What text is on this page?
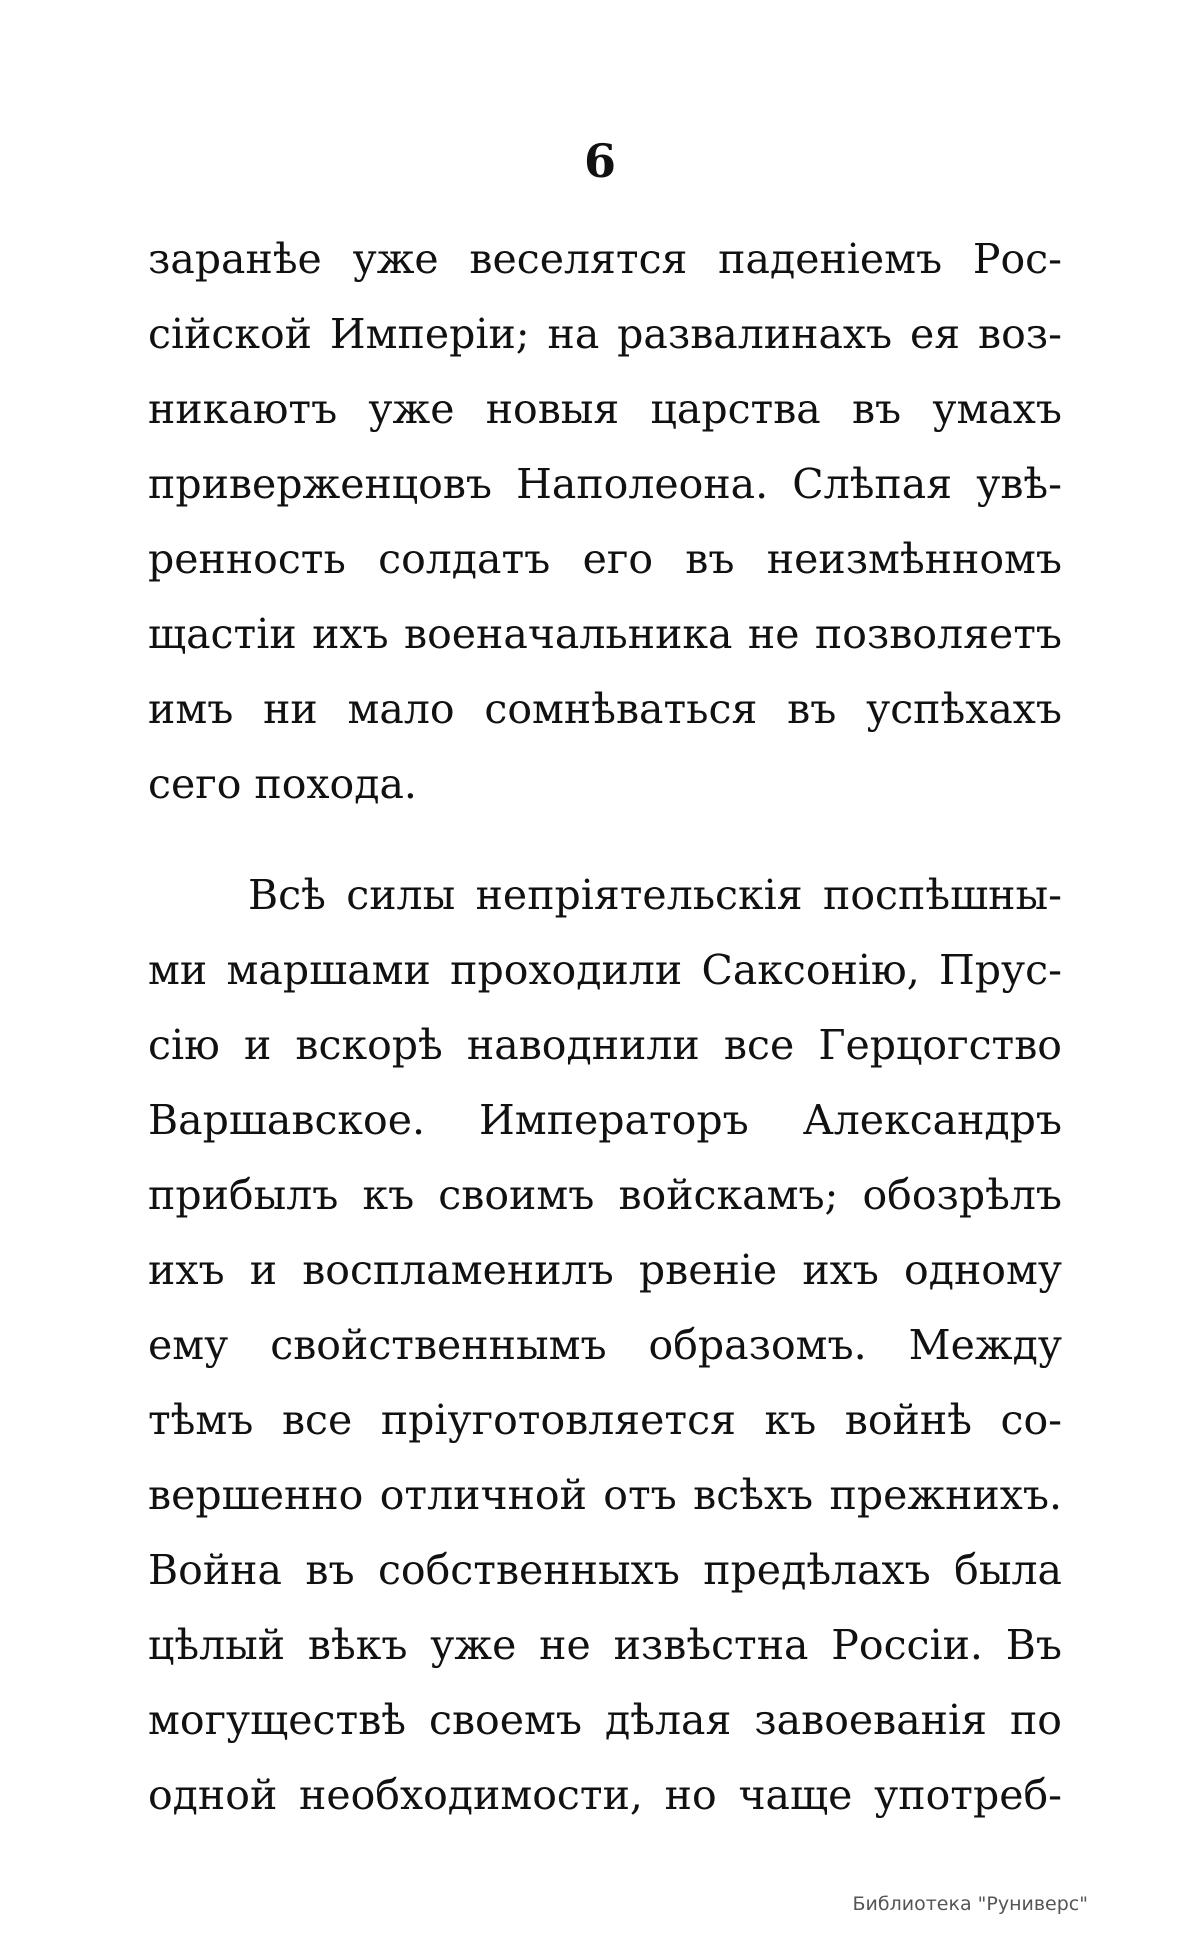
6
заранѣе уже веселятся паденіемъ Рос-
сійской Имперіи; на развалинахъ ея воз-
никаютъ уже новыя царства въ умахъ
приверженцовъ Наполеона. Слѣпая увѣ-
ренность солдатъ его въ неизмѣнномъ
щастіи ихъ военачальника не позволяетъ
имъ ни мало сомнѣваться въ успѣхахъ
сего похода.
Всѣ силы непріятельскія поспѣшны-
ми маршами проходили Саксонію, Прус-
сію и вскорѣ наводнили все Герцогство
Варшавское. Императоръ Александръ
прибылъ къ своимъ войскамъ; обозрѣлъ
ихъ и воспламенилъ рвеніе ихъ одному
ему свойственнымъ образомъ. Между
тѣмъ все пріуготовляется къ войнѣ со-
вершенно отличной отъ всѣхъ прежнихъ.
Война въ собственныхъ предѣлахъ была
цѣлый вѣкъ уже не извѣстна Россіи. Въ
могуществѣ своемъ дѣлая завоеванія по
одной необходимости, но чаще употреб-
Библиотека "Руниверс"
